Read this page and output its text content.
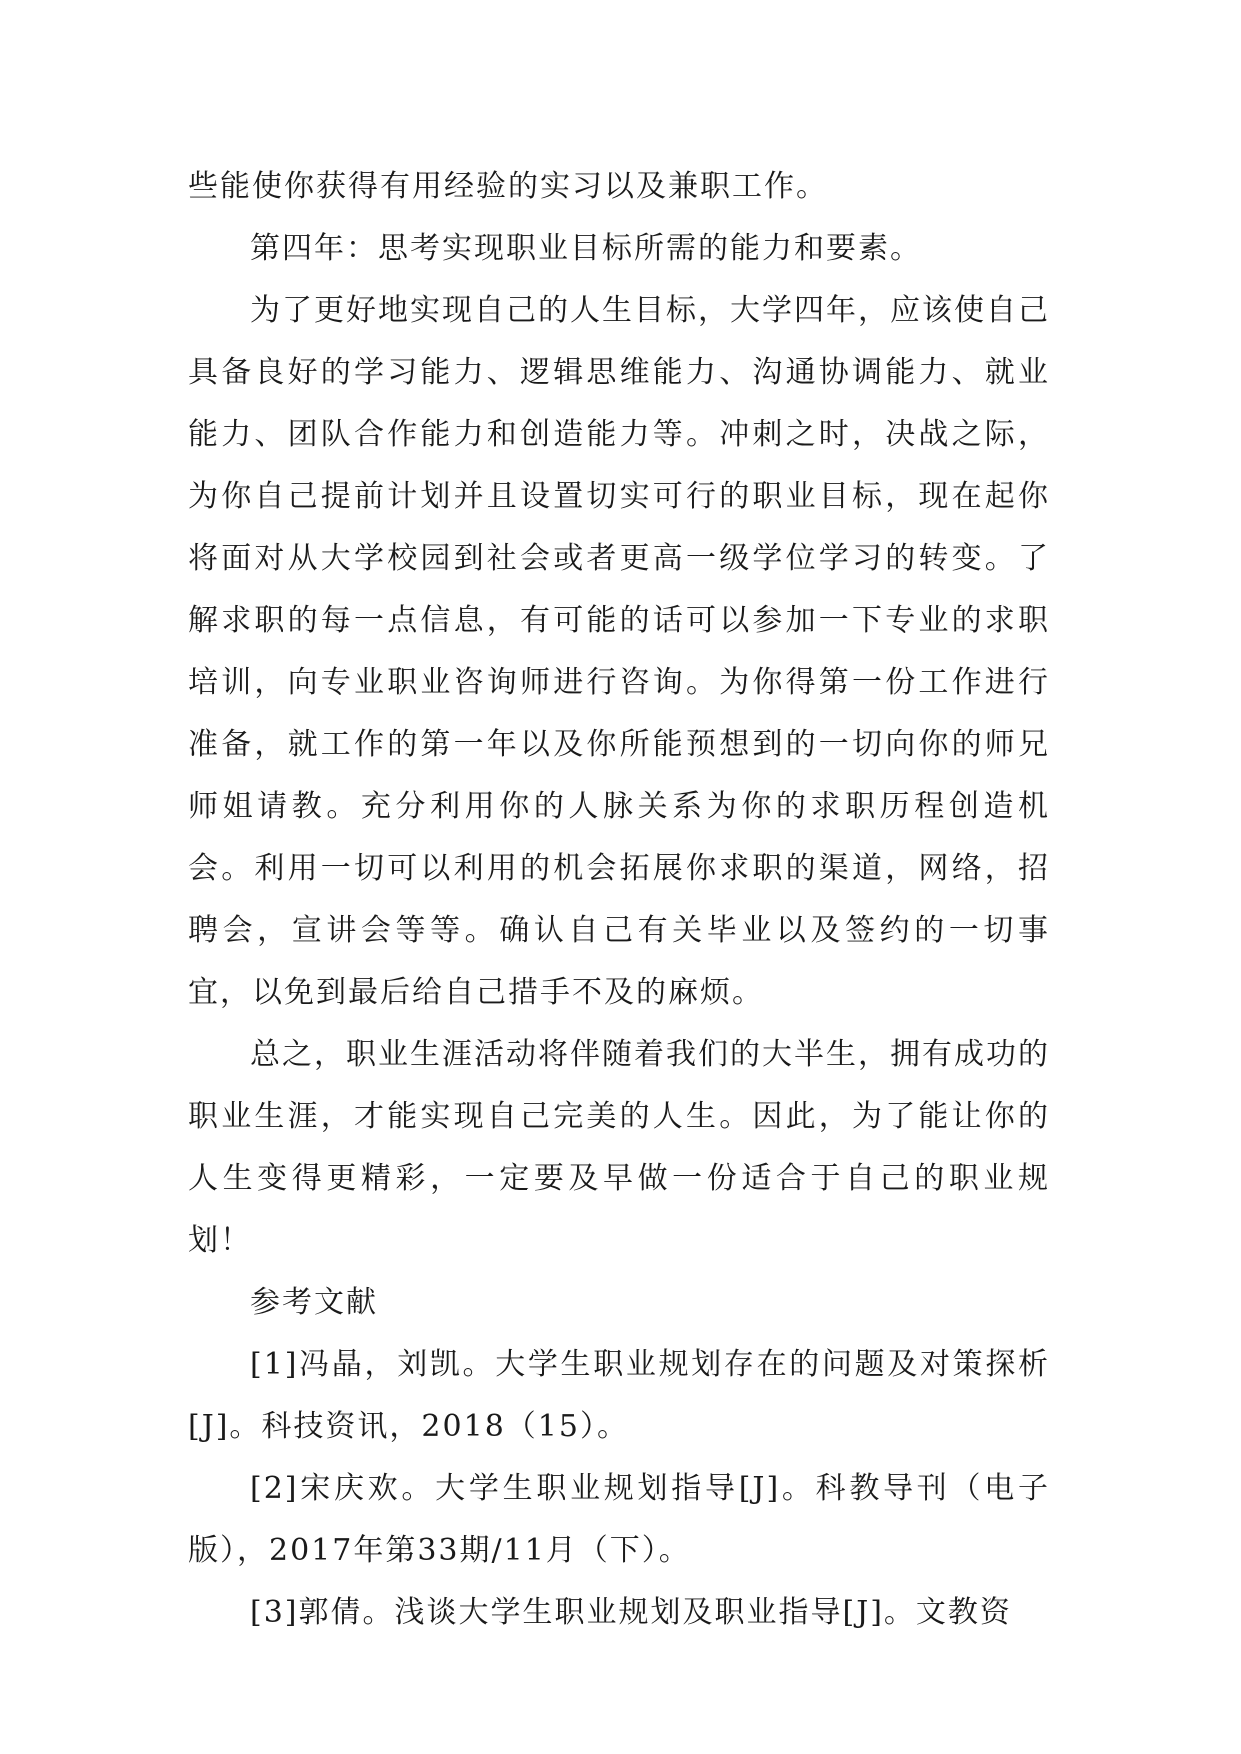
些能使你获得有用经验的实习以及兼职工作。

第四年：思考实现职业目标所需的能力和要素。

为了更好地实现自己的人生目标，大学四年，应该使自己具备良好的学习能力、逻辑思维能力、沟通协调能力、就业能力、团队合作能力和创造能力等。冲刺之时，决战之际，为你自己提前计划并且设置切实可行的职业目标，现在起你将面对从大学校园到社会或者更高一级学位学习的转变。了解求职的每一点信息，有可能的话可以参加一下专业的求职培训，向专业职业咨询师进行咨询。为你得第一份工作进行准备，就工作的第一年以及你所能预想到的一切向你的师兄师姐请教。充分利用你的人脉关系为你的求职历程创造机会。利用一切可以利用的机会拓展你求职的渠道，网络，招聘会，宣讲会等等。确认自己有关毕业以及签约的一切事宜，以免到最后给自己措手不及的麻烦。

总之，职业生涯活动将伴随着我们的大半生，拥有成功的职业生涯，才能实现自己完美的人生。因此，为了能让你的人生变得更精彩，一定要及早做一份适合于自己的职业规划！

参考文献

[1]冯晶，刘凯。大学生职业规划存在的问题及对策探析[J]。科技资讯，2018（15）。

[2]宋庆欢。大学生职业规划指导[J]。科教导刊（电子版），2017年第33期/11月（下）。

[3]郭倩。浅谈大学生职业规划及职业指导[J]。文教资
